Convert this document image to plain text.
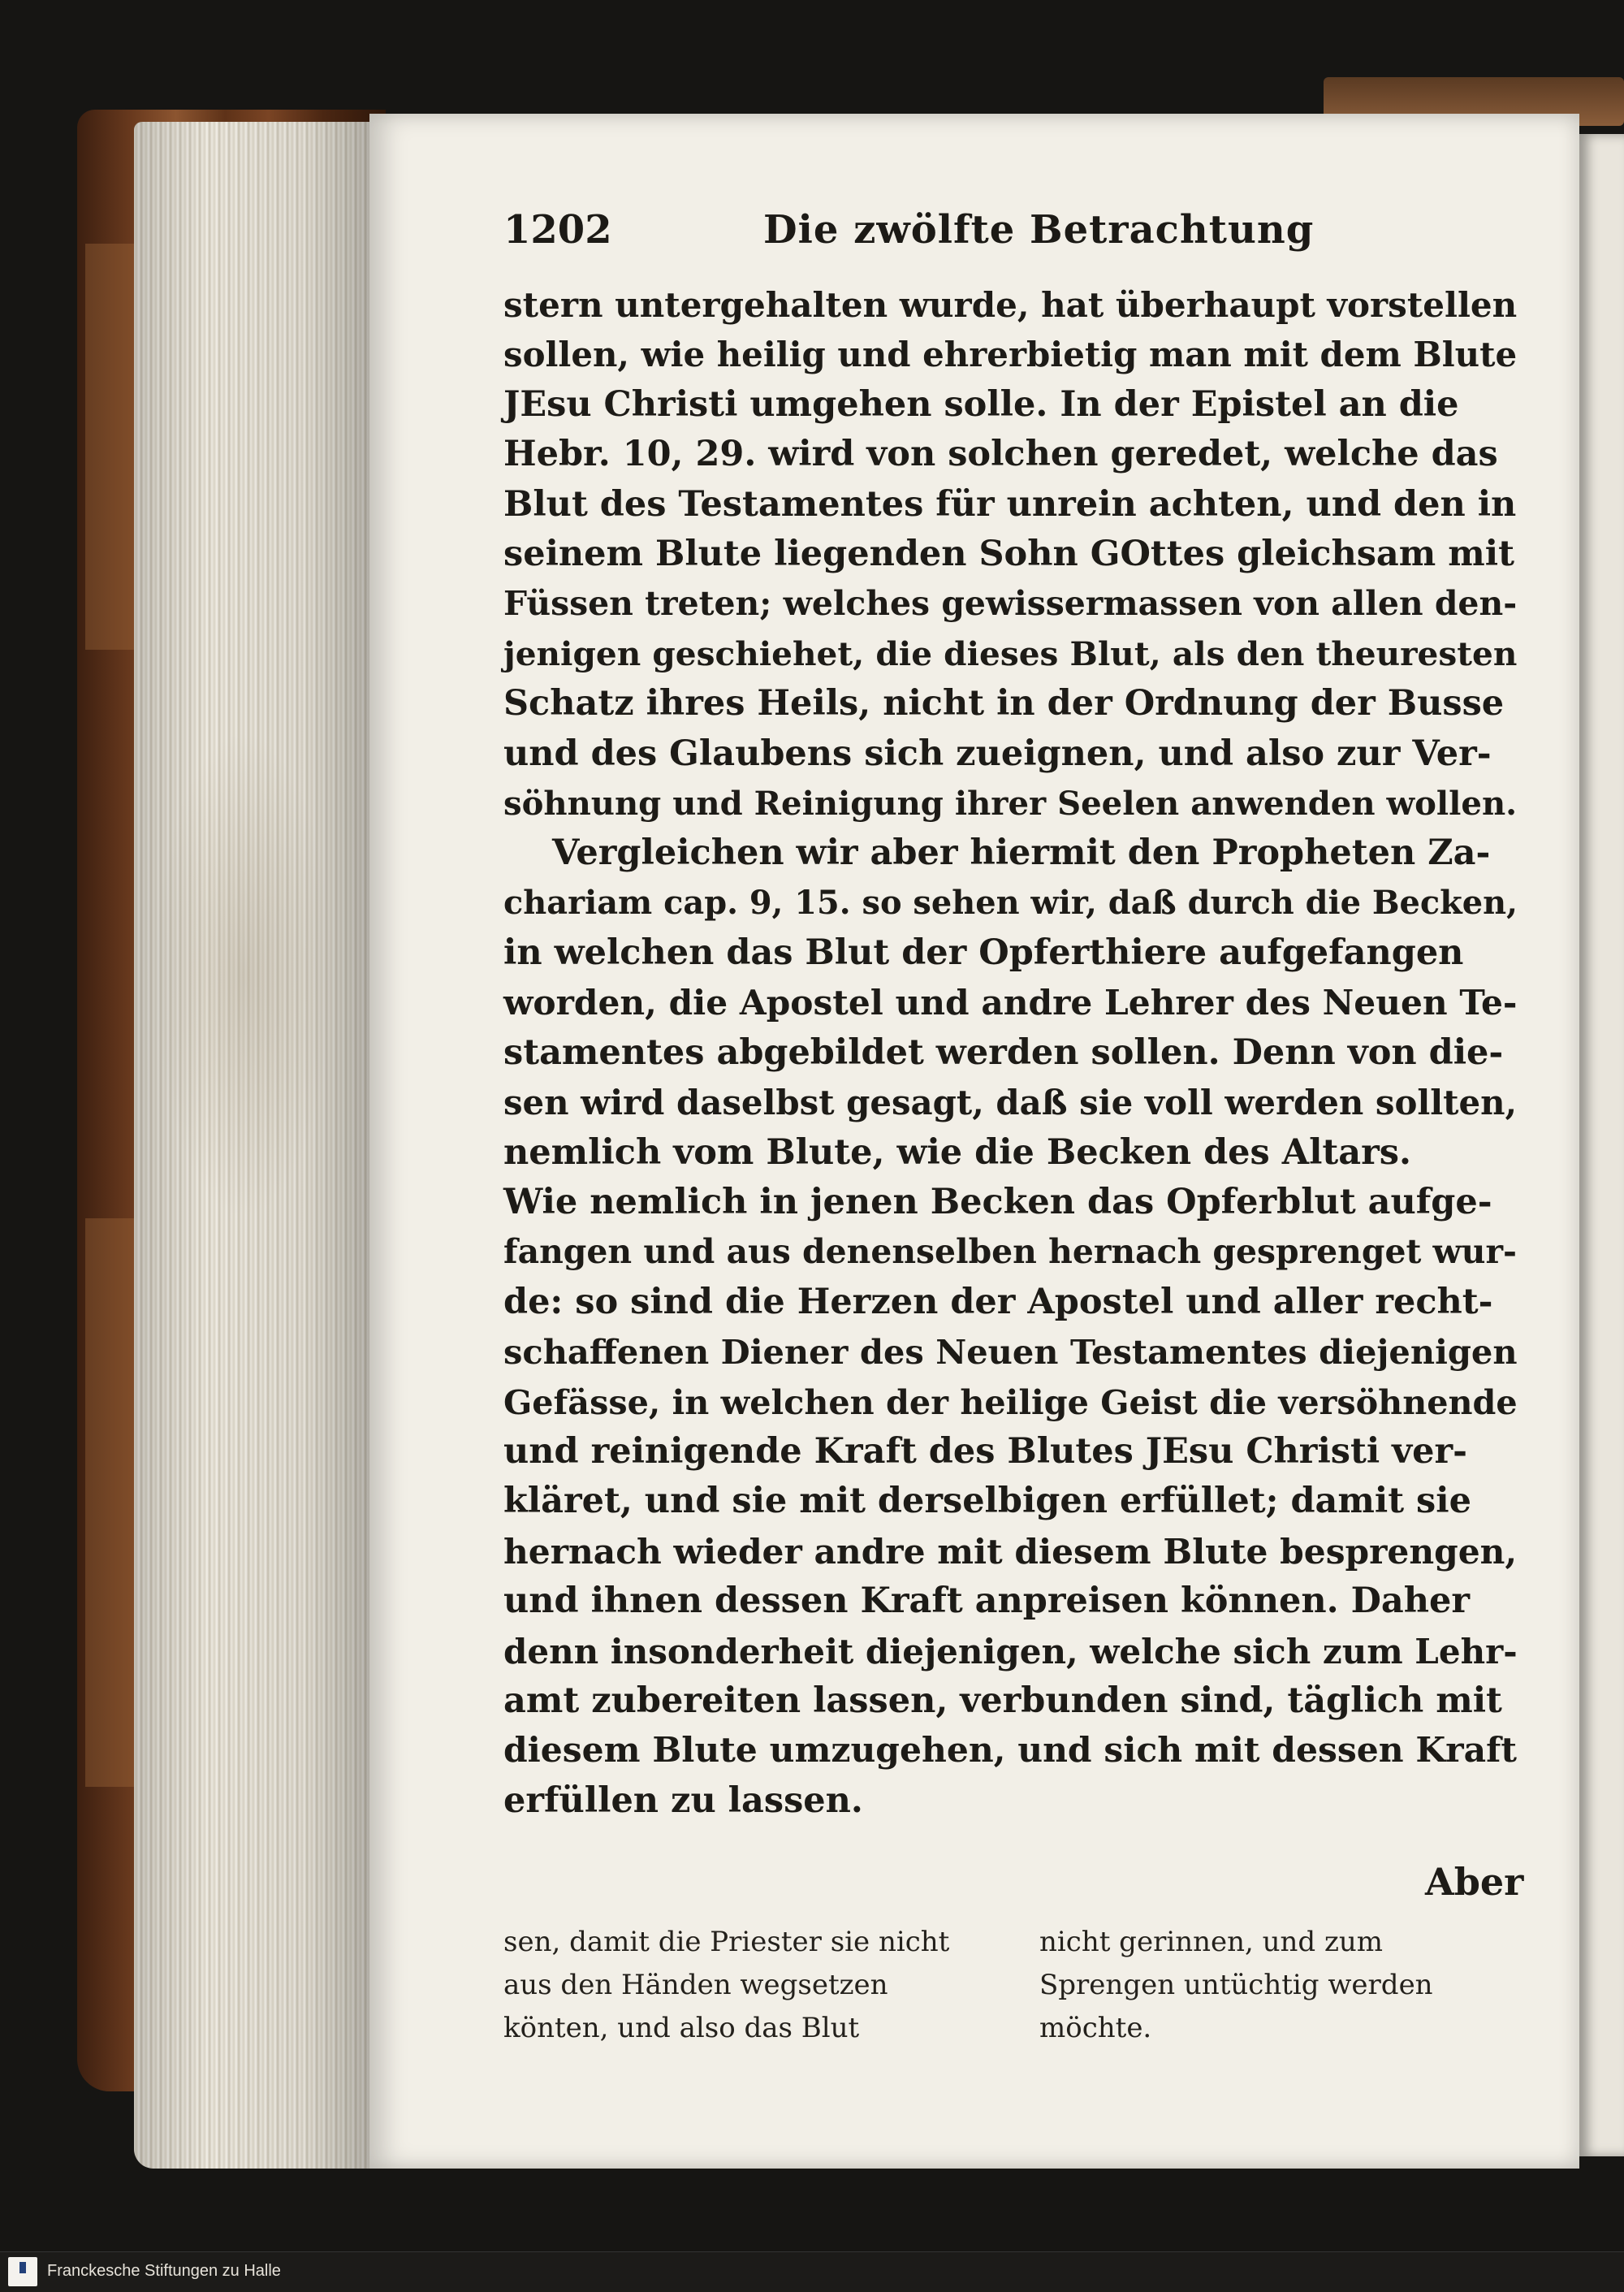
1202	Die zwölfte Betrachtung
stern untergehalten wurde, hat überhaupt vorstellen
sollen, wie heilig und ehrerbietig man mit dem Blute
JEsu Christi umgehen solle. In der Epistel an die
Hebr. 10, 29. wird von solchen geredet, welche das
Blut des Testamentes für unrein achten, und den in
seinem Blute liegenden Sohn GOttes gleichsam mit
Füssen treten; welches gewissermassen von allen den-
jenigen geschiehet, die dieses Blut, als den theuresten
Schatz ihres Heils, nicht in der Ordnung der Busse
und des Glaubens sich zueignen, und also zur Ver-
söhnung und Reinigung ihrer Seelen anwenden wollen.
Vergleichen wir aber hiermit den Propheten Za-
chariam cap. 9, 15. so sehen wir, daß durch die Becken,
in welchen das Blut der Opferthiere aufgefangen
worden, die Apostel und andre Lehrer des Neuen Te-
stamentes abgebildet werden sollen. Denn von die-
sen wird daselbst gesagt, daß sie voll werden sollten,
nemlich vom Blute, wie die Becken des Altars.
Wie nemlich in jenen Becken das Opferblut aufge-
fangen und aus denenselben hernach gesprenget wur-
de: so sind die Herzen der Apostel und aller recht-
schaffenen Diener des Neuen Testamentes diejenigen
Gefässe, in welchen der heilige Geist die versöhnende
und reinigende Kraft des Blutes JEsu Christi ver-
kläret, und sie mit derselbigen erfüllet; damit sie
hernach wieder andre mit diesem Blute besprengen,
und ihnen dessen Kraft anpreisen können. Daher
denn insonderheit diejenigen, welche sich zum Lehr-
amt zubereiten lassen, verbunden sind, täglich mit
diesem Blute umzugehen, und sich mit dessen Kraft
erfüllen zu lassen.
Aber
sen, damit die Priester sie nicht
aus den Händen wegsetzen
könten, und also das Blut
nicht gerinnen, und zum
Sprengen untüchtig werden
möchte.
Franckesche Stiftungen zu Halle
